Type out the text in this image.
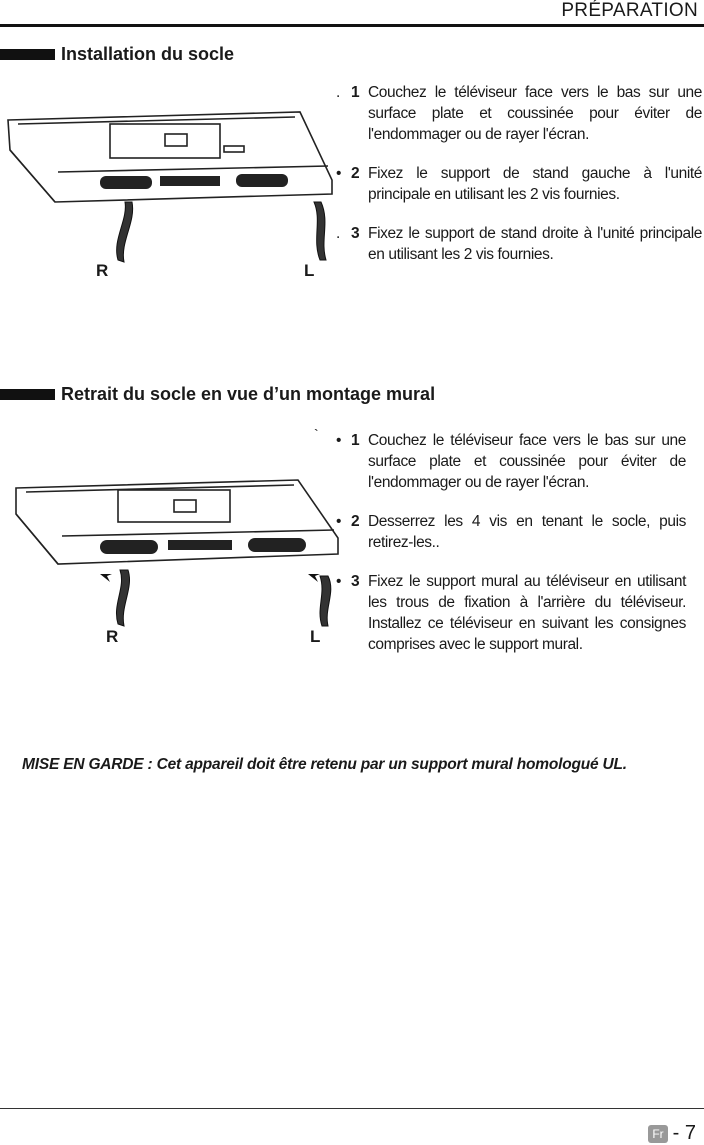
PRÉPARATION
Installation du socle
R	L
. 1 Couchez le téléviseur face vers le bas sur une surface plate et coussinée pour éviter de l'endommager ou de rayer l'écran.
• 2 Fixez le support de stand gauche à l'unité principale en utilisant les 2 vis fournies.
. 3 Fixez le support de stand droite à l'unité principale en utilisant les 2 vis fournies.
Retrait du socle en vue d’un montage mural
`
R	L
• 1 Couchez le téléviseur face vers le bas sur une surface plate et coussinée pour éviter de l'endommager ou de rayer l'écran.
• 2 Desserrez les 4 vis en tenant le socle, puis retirez-les..
• 3 Fixez le support mural au téléviseur en utilisant les trous de fixation à l'arrière du téléviseur. Installez ce téléviseur en suivant les consignes comprises avec le support mural.
MISE EN GARDE : Cet appareil doit être retenu par un support mural homologué UL.
Fr - 7
